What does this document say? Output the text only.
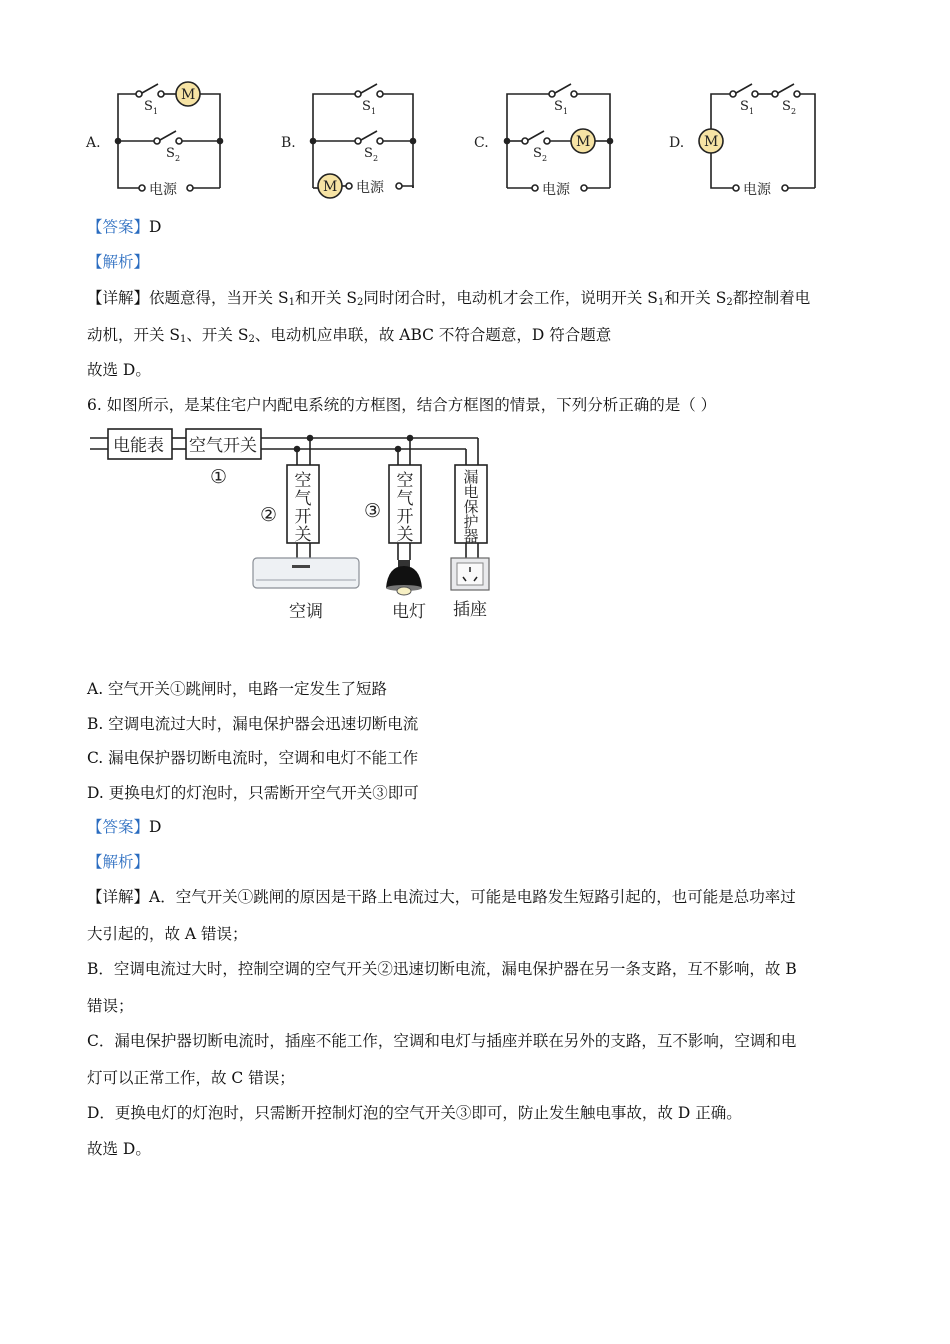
A.
M
S 1
S 2
电源
B.
S 1
S 2
M 电源
C.
S 1
M
S 2
电源
D.
S 1 S 2
M
电源
【答案】D
【解析】
【详解】依题意得，当开关 $S_1$和开关 $S_2$同时闭合时，电动机才会工作，说明开关 $S_1$和开关 $S_2$都控制着电
动机，开关 $S_1$、开关 $S_2$、电动机应串联，故 ABC 不符合题意，D 符合题意
故选 D。
6. 如图所示，是某住宅户内配电系统的方框图，结合方框图的情景，下列分析正确的是（ ）
电能表 空气开关
①	空
气
开
关
②
空调
空
气
开
关
③
电灯
漏
电
保
护
器
插座
A. 空气开关①跳闸时，电路一定发生了短路
B. 空调电流过大时，漏电保护器会迅速切断电流
C. 漏电保护器切断电流时，空调和电灯不能工作
D. 更换电灯的灯泡时，只需断开空气开关③即可
【答案】D
【解析】
【详解】A．空气开关①跳闸的原因是干路上电流过大，可能是电路发生短路引起的，也可能是总功率过
大引起的，故 A 错误；
B．空调电流过大时，控制空调的空气开关②迅速切断电流，漏电保护器在另一条支路，互不影响，故 B
错误；
C．漏电保护器切断电流时，插座不能工作，空调和电灯与插座并联在另外的支路，互不影响，空调和电
灯可以正常工作，故 C 错误；
D．更换电灯的灯泡时，只需断开控制灯泡的空气开关③即可，防止发生触电事故，故 D 正确。
故选 D。
